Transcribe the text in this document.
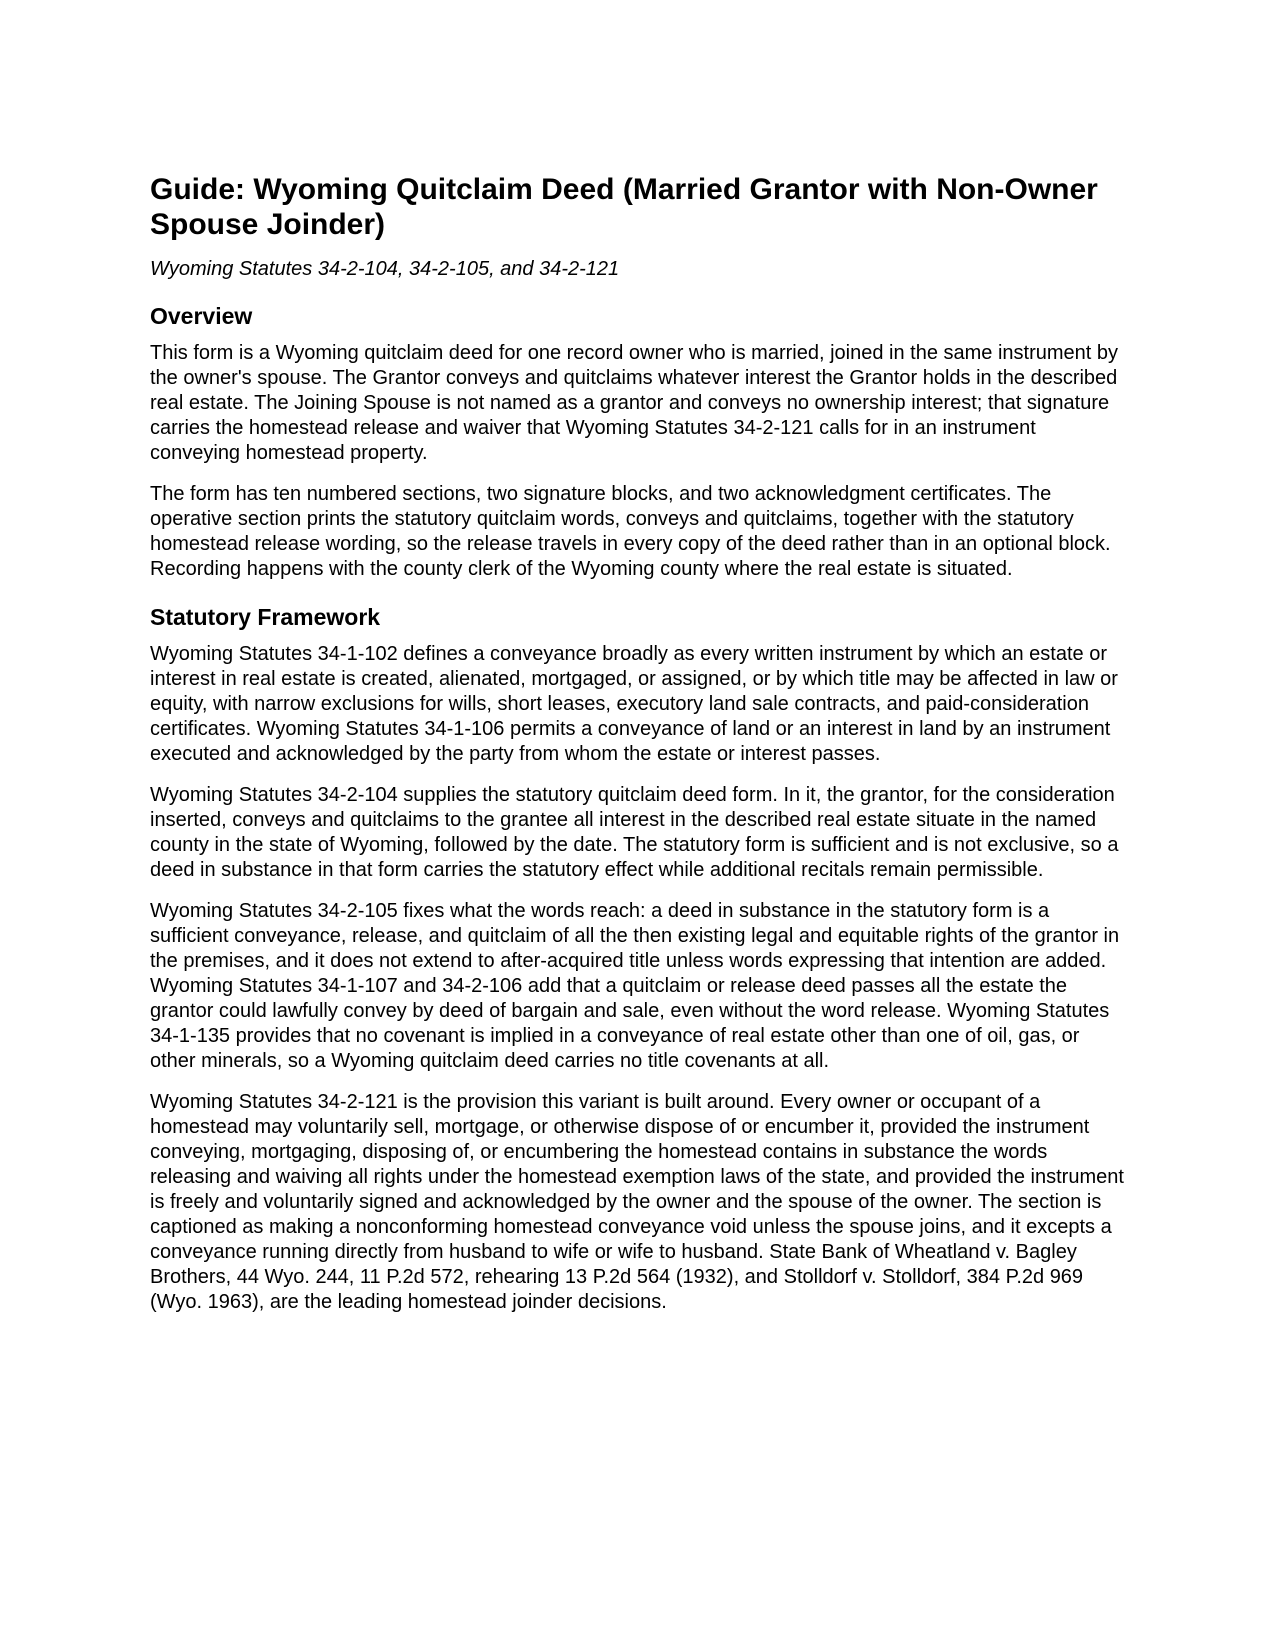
Guide: Wyoming Quitclaim Deed (Married Grantor with Non-Owner Spouse Joinder)
Wyoming Statutes 34-2-104, 34-2-105, and 34-2-121
Overview

This form is a Wyoming quitclaim deed for one record owner who is married, joined in the same instrument by the owner's spouse. The Grantor conveys and quitclaims whatever interest the Grantor holds in the described real estate. The Joining Spouse is not named as a grantor and conveys no ownership interest; that signature carries the homestead release and waiver that Wyoming Statutes 34-2-121 calls for in an instrument conveying homestead property.

The form has ten numbered sections, two signature blocks, and two acknowledgment certificates. The operative section prints the statutory quitclaim words, conveys and quitclaims, together with the statutory homestead release wording, so the release travels in every copy of the deed rather than in an optional block. Recording happens with the county clerk of the Wyoming county where the real estate is situated.

Statutory Framework

Wyoming Statutes 34-1-102 defines a conveyance broadly as every written instrument by which an estate or interest in real estate is created, alienated, mortgaged, or assigned, or by which title may be affected in law or equity, with narrow exclusions for wills, short leases, executory land sale contracts, and paid-consideration certificates. Wyoming Statutes 34-1-106 permits a conveyance of land or an interest in land by an instrument executed and acknowledged by the party from whom the estate or interest passes.

Wyoming Statutes 34-2-104 supplies the statutory quitclaim deed form. In it, the grantor, for the consideration inserted, conveys and quitclaims to the grantee all interest in the described real estate situate in the named county in the state of Wyoming, followed by the date. The statutory form is sufficient and is not exclusive, so a deed in substance in that form carries the statutory effect while additional recitals remain permissible.

Wyoming Statutes 34-2-105 fixes what the words reach: a deed in substance in the statutory form is a sufficient conveyance, release, and quitclaim of all the then existing legal and equitable rights of the grantor in the premises, and it does not extend to after-acquired title unless words expressing that intention are added. Wyoming Statutes 34-1-107 and 34-2-106 add that a quitclaim or release deed passes all the estate the grantor could lawfully convey by deed of bargain and sale, even without the word release. Wyoming Statutes 34-1-135 provides that no covenant is implied in a conveyance of real estate other than one of oil, gas, or other minerals, so a Wyoming quitclaim deed carries no title covenants at all.

Wyoming Statutes 34-2-121 is the provision this variant is built around. Every owner or occupant of a homestead may voluntarily sell, mortgage, or otherwise dispose of or encumber it, provided the instrument conveying, mortgaging, disposing of, or encumbering the homestead contains in substance the words releasing and waiving all rights under the homestead exemption laws of the state, and provided the instrument is freely and voluntarily signed and acknowledged by the owner and the spouse of the owner. The section is captioned as making a nonconforming homestead conveyance void unless the spouse joins, and it excepts a conveyance running directly from husband to wife or wife to husband. State Bank of Wheatland v. Bagley Brothers, 44 Wyo. 244, 11 P.2d 572, rehearing 13 P.2d 564 (1932), and Stolldorf v. Stolldorf, 384 P.2d 969 (Wyo. 1963), are the leading homestead joinder decisions.
